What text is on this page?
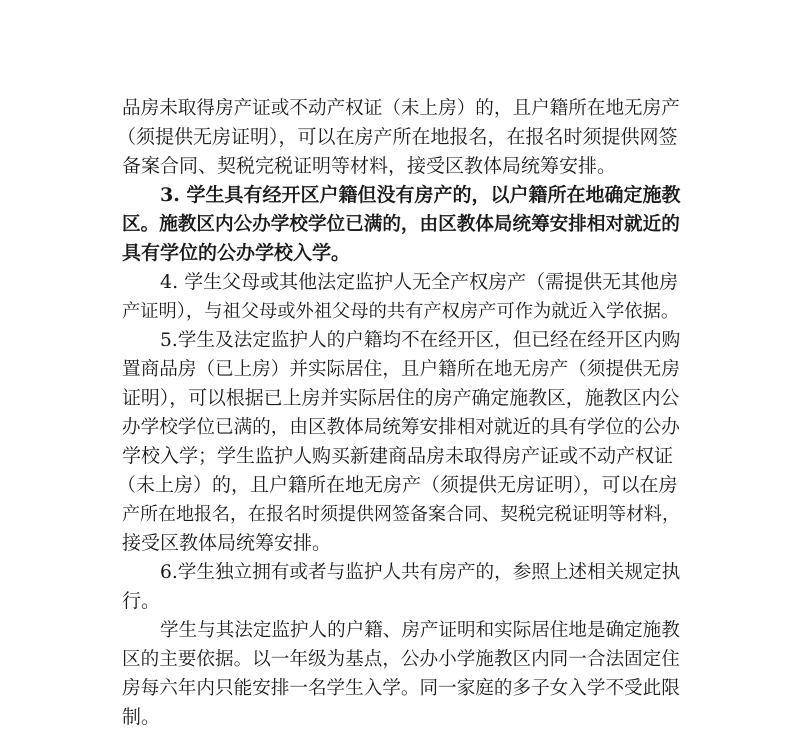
品房未取得房产证或不动产权证（未上房）的，且户籍所在地无房产

（须提供无房证明），可以在房产所在地报名，在报名时须提供网签

备案合同、契税完税证明等材料，接受区教体局统筹安排。

3. 学生具有经开区户籍但没有房产的，以户籍所在地确定施教

区。施教区内公办学校学位已满的，由区教体局统筹安排相对就近的

具有学位的公办学校入学。

4. 学生父母或其他法定监护人无全产权房产（需提供无其他房

产证明），与祖父母或外祖父母的共有产权房产可作为就近入学依据。

5.学生及法定监护人的户籍均不在经开区，但已经在经开区内购

置商品房（已上房）并实际居住，且户籍所在地无房产（须提供无房

证明），可以根据已上房并实际居住的房产确定施教区，施教区内公

办学校学位已满的，由区教体局统筹安排相对就近的具有学位的公办

学校入学；学生监护人购买新建商品房未取得房产证或不动产权证

（未上房）的，且户籍所在地无房产（须提供无房证明），可以在房

产所在地报名，在报名时须提供网签备案合同、契税完税证明等材料，

接受区教体局统筹安排。

6.学生独立拥有或者与监护人共有房产的，参照上述相关规定执

行。

学生与其法定监护人的户籍、房产证明和实际居住地是确定施教

区的主要依据。以一年级为基点，公办小学施教区内同一合法固定住

房每六年内只能安排一名学生入学。同一家庭的多子女入学不受此限

制。
